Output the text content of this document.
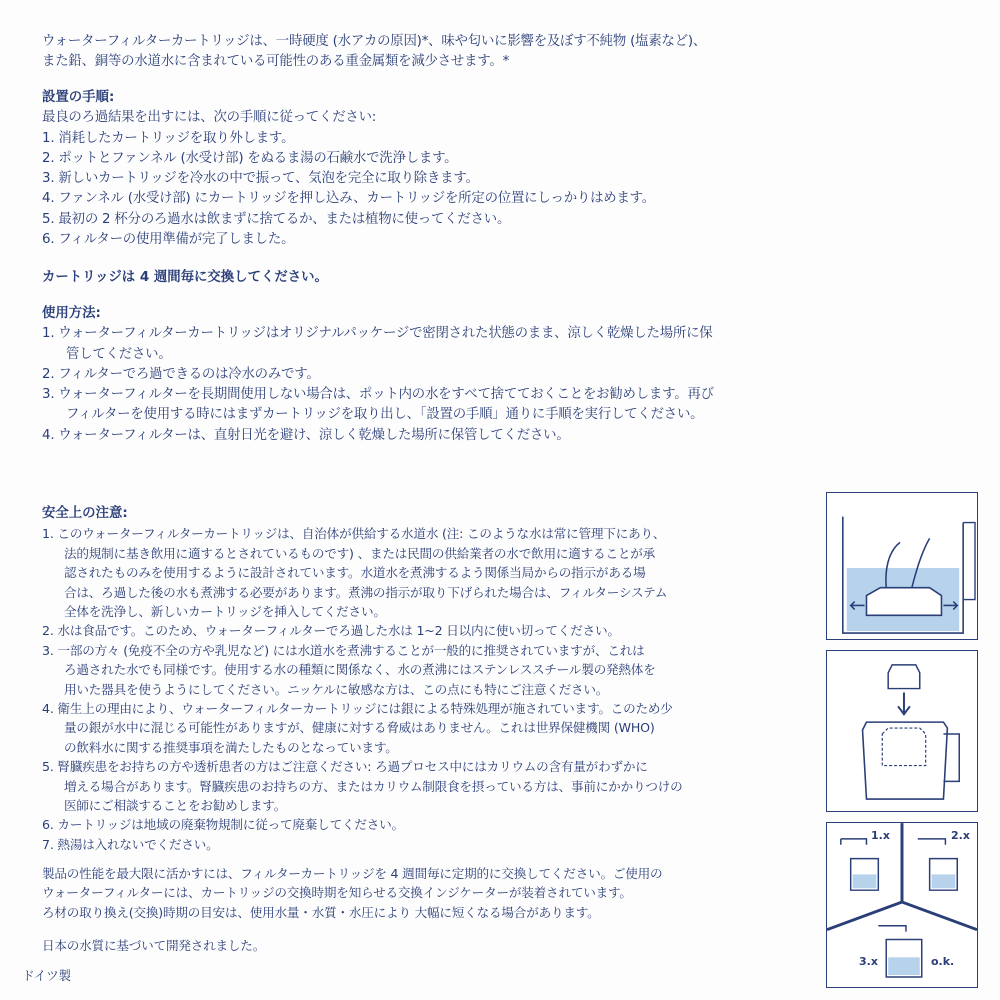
ウォーターフィルターカートリッジは、一時硬度 (水アカの原因)*、味や匂いに影響を及ぼす不純物 (塩素など)、
また鉛、銅等の水道水に含まれている可能性のある重金属類を減少させます。*
設置の手順:
最良のろ過結果を出すには、次の手順に従ってください:
1. 消耗したカートリッジを取り外します。
2. ポットとファンネル (水受け部) をぬるま湯の石鹸水で洗浄します。
3. 新しいカートリッジを冷水の中で振って、気泡を完全に取り除きます。
4. ファンネル (水受け部) にカートリッジを押し込み、カートリッジを所定の位置にしっかりはめます。
5. 最初の 2 杯分のろ過水は飲まずに捨てるか、または植物に使ってください。
6. フィルターの使用準備が完了しました。
カートリッジは 4 週間毎に交換してください。
使用方法:
1. ウォーターフィルターカートリッジはオリジナルパッケージで密閉された状態のまま、涼しく乾燥した場所に保
管してください。
2. フィルターでろ過できるのは冷水のみです。
3. ウォーターフィルターを長期間使用しない場合は、ポット内の水をすべて捨てておくことをお勧めします。再び
フィルターを使用する時にはまずカートリッジを取り出し、「設置の手順」通りに手順を実行してください。
4. ウォーターフィルターは、直射日光を避け、涼しく乾燥した場所に保管してください。
安全上の注意:
1. このウォーターフィルターカートリッジは、自治体が供給する水道水 (注: このような水は常に管理下にあり、
法的規制に基き飲用に適するとされているものです) 、または民間の供給業者の水で飲用に適することが承
認されたものみを使用するように設計されています。水道水を煮沸するよう関係当局からの指示がある場
合は、ろ過した後の水も煮沸する必要があります。煮沸の指示が取り下げられた場合は、フィルターシステム
全体を洗浄し、新しいカートリッジを挿入してください。
2. 水は食品です。このため、ウォーターフィルターでろ過した水は 1~2 日以内に使い切ってください。
3. 一部の方々 (免疫不全の方や乳児など) には水道水を煮沸することが一般的に推奨されていますが、これは
ろ過された水でも同様です。使用する水の種類に関係なく、水の煮沸にはステンレススチール製の発熱体を
用いた器具を使うようにしてください。ニッケルに敏感な方は、この点にも特にご注意ください。
4. 衛生上の理由により、ウォーターフィルターカートリッジには銀による特殊処理が施されています。このため少
量の銀が水中に混じる可能性がありますが、健康に対する脅威はありません。これは世界保健機関 (WHO)
の飲料水に関する推奨事項を満たしたものとなっています。
5. 腎臓疾患をお持ちの方や透析患者の方はご注意ください: ろ過プロセス中にはカリウムの含有量がわずかに
増える場合があります。腎臓疾患のお持ちの方、またはカリウム制限食を摂っている方は、事前にかかりつけの
医師にご相談することをお勧めします。
6. カートリッジは地域の廃棄物規制に従って廃棄してください。
7. 熱湯は入れないでください。
製品の性能を最大限に活かすには、フィルターカートリッジを 4 週間毎に定期的に交換してください。ご使用の
ウォーターフィルターには、カートリッジの交換時期を知らせる交換インジケーターが装着されています。
ろ材の取り換え(交換)時期の目安は、使用水量・水質・水圧により 大幅に短くなる場合があります。
日本の水質に基づいて開発されました。
ドイツ製
1.x	2.x
3.x	o.k.
